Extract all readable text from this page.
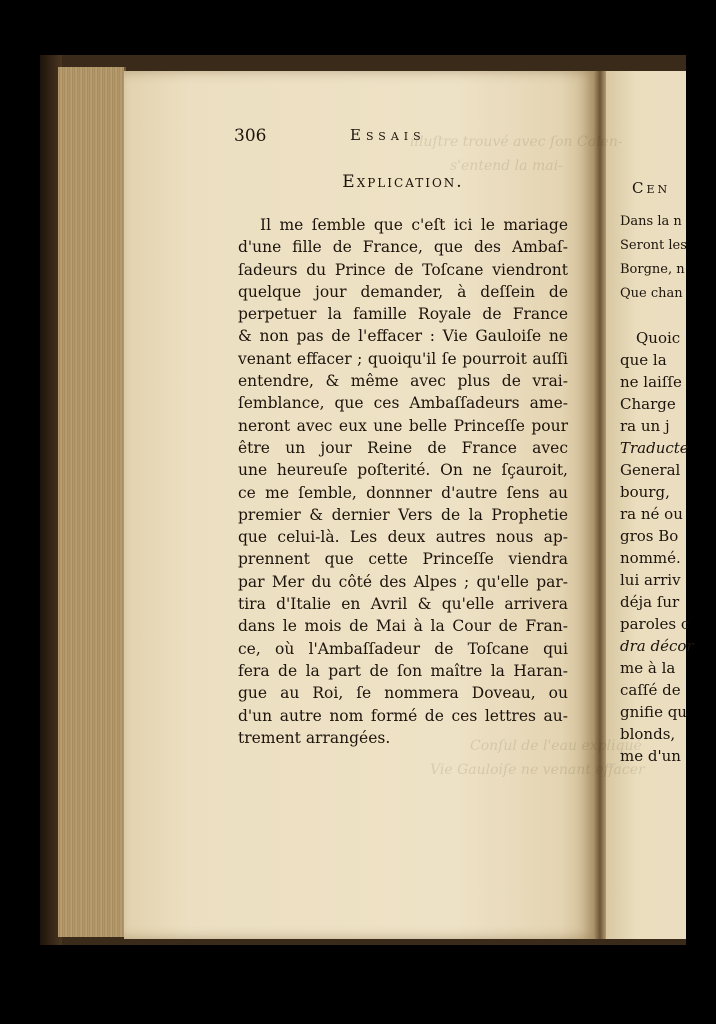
Cen
Dans la n
Seront les
Borgne, n
Que chan
Quoic
que la
ne laiſſe
Charge
ra un j
Traducte
General
bourg,
ra né ou
gros Bo
nommé.
lui arriv
déja ſur
paroles c
dra décor
me à la
caſſé de
gnifie qu
blonds,
me d'un
illuſtre trouvé avec ſon Calen-
s'entend la mai-
Conſul de l'eau expliqué
Vie Gauloiſe ne venant effacer
306	Essais
Explication.
Il me ſemble que c'eſt ici le mariage
d'une fille de France, que des Ambaſ-
ſadeurs du Prince de Toſcane viendront
quelque jour demander, à deſſein de
perpetuer la famille Royale de France
& non pas de l'effacer : Vie Gauloiſe ne
venant effacer ; quoiqu'il ſe pourroit auſſi
entendre, & même avec plus de vrai-
ſemblance, que ces Ambaſſadeurs ame-
neront avec eux une belle Princeſſe pour
être un jour Reine de France avec
une heureuſe poſterité. On ne ſçauroit,
ce me ſemble, donnner d'autre ſens au
premier & dernier Vers de la Prophetie
que celui-là. Les deux autres nous ap-
prennent que cette Princeſſe viendra
par Mer du côté des Alpes ; qu'elle par-
tira d'Italie en Avril & qu'elle arrivera
dans le mois de Mai à la Cour de Fran-
ce, où l'Ambaſſadeur de Toſcane qui
fera de la part de ſon maître la Haran-
gue au Roi, ſe nommera Doveau, ou
d'un autre nom formé de ces lettres au-
trement arrangées.
